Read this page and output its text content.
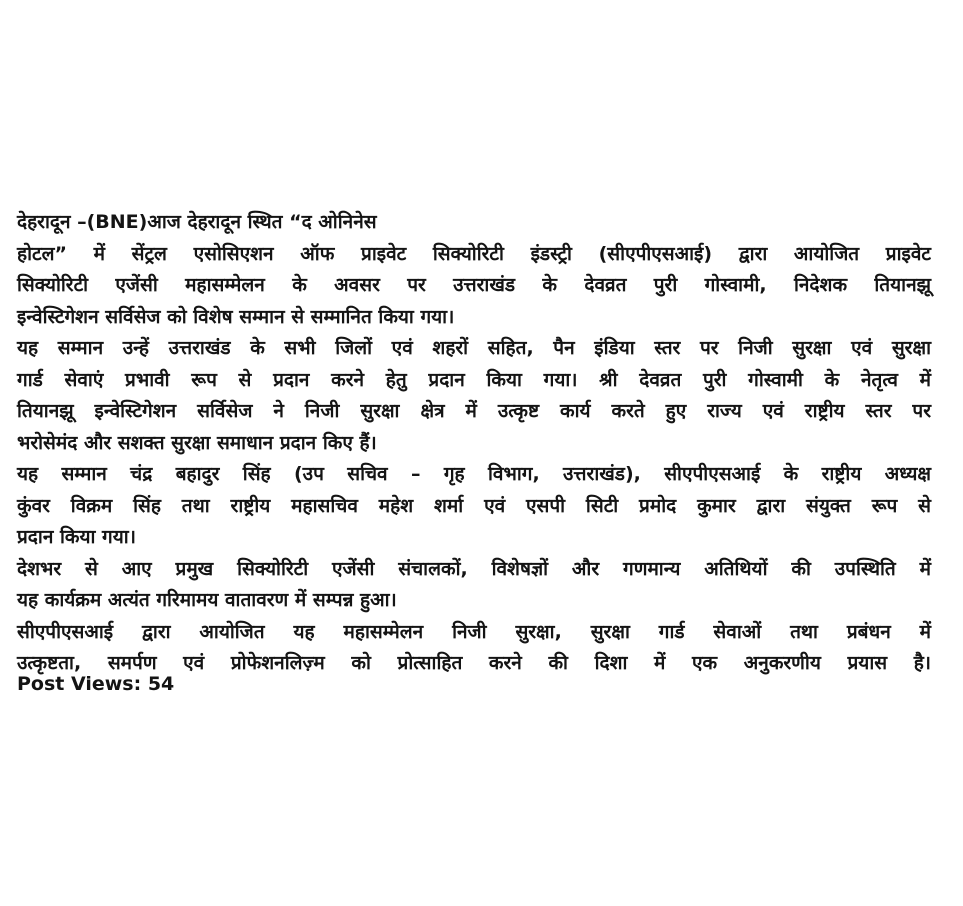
देहरादून –(BNE)आज देहरादून स्थित “द ओनिनेस
होटल” में सेंट्रल एसोसिएशन ऑफ प्राइवेट सिक्योरिटी इंडस्ट्री (सीएपीएसआई) द्वारा आयोजित प्राइवेट
सिक्योरिटी एजेंसी महासम्मेलन के अवसर पर उत्तराखंड के देवव्रत पुरी गोस्वामी, निदेशक तियानझू
इन्वेस्टिगेशन सर्विसेज को विशेष सम्मान से सम्मानित किया गया।
यह सम्मान उन्हें उत्तराखंड के सभी जिलों एवं शहरों सहित, पैन इंडिया स्तर पर निजी सुरक्षा एवं सुरक्षा
गार्ड सेवाएं प्रभावी रूप से प्रदान करने हेतु प्रदान किया गया। श्री देवव्रत पुरी गोस्वामी के नेतृत्व में
तियानझू इन्वेस्टिगेशन सर्विसेज ने निजी सुरक्षा क्षेत्र में उत्कृष्ट कार्य करते हुए राज्य एवं राष्ट्रीय स्तर पर
भरोसेमंद और सशक्त सुरक्षा समाधान प्रदान किए हैं।
यह सम्मान चंद्र बहादुर सिंह (उप सचिव – गृह विभाग, उत्तराखंड), सीएपीएसआई के राष्ट्रीय अध्यक्ष
कुंवर विक्रम सिंह तथा राष्ट्रीय महासचिव महेश शर्मा एवं एसपी सिटी प्रमोद कुमार द्वारा संयुक्त रूप से
प्रदान किया गया।
देशभर से आए प्रमुख सिक्योरिटी एजेंसी संचालकों, विशेषज्ञों और गणमान्य अतिथियों की उपस्थिति में
यह कार्यक्रम अत्यंत गरिमामय वातावरण में सम्पन्न हुआ।
सीएपीएसआई द्वारा आयोजित यह महासम्मेलन निजी सुरक्षा, सुरक्षा गार्ड सेवाओं तथा प्रबंधन में
उत्कृष्टता, समर्पण एवं प्रोफेशनलिज़्म को प्रोत्साहित करने की दिशा में एक अनुकरणीय प्रयास है।
Post Views: 54
